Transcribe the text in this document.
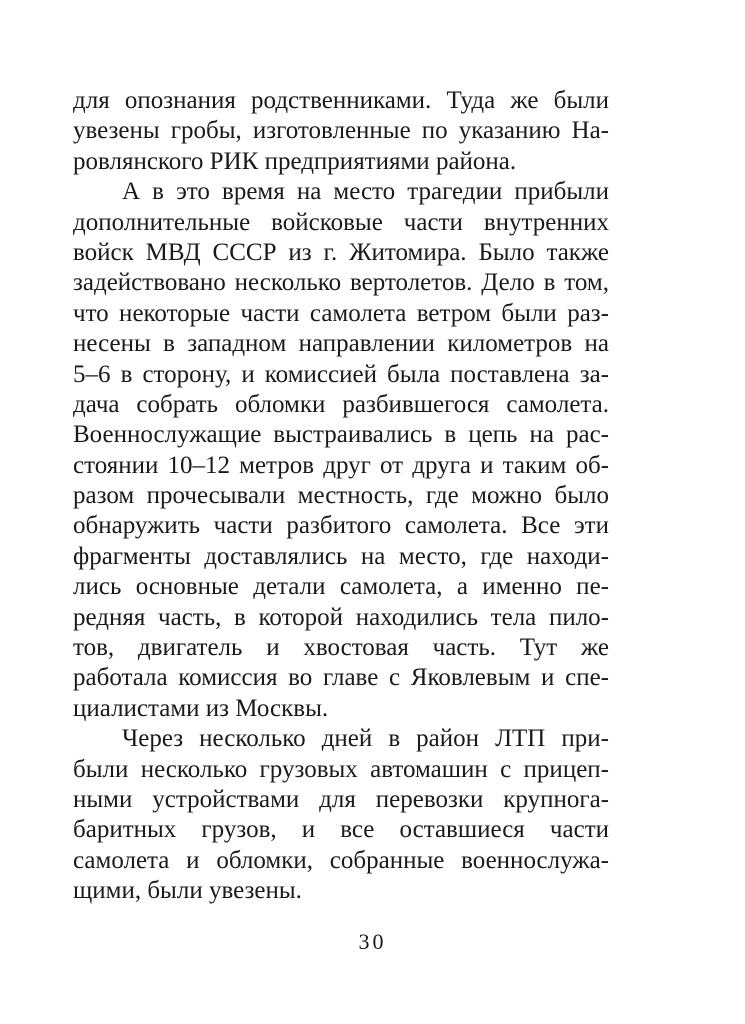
для опознания родственниками. Туда же были
увезены гробы, изготовленные по указанию На-
ровлянского РИК предприятиями района.
А в это время на место трагедии прибыли
дополнительные войсковые части внутренних
войск МВД СССР из г. Житомира. Было также
задействовано несколько вертолетов. Дело в том,
что некоторые части самолета ветром были раз-
несены в западном направлении километров на
5–6 в сторону, и комиссией была поставлена за-
дача собрать обломки разбившегося самолета.
Военнослужащие выстраивались в цепь на рас-
стоянии 10–12 метров друг от друга и таким об-
разом прочесывали местность, где можно было
обнаружить части разбитого самолета. Все эти
фрагменты доставлялись на место, где находи-
лись основные детали самолета, а именно пе-
редняя часть, в которой находились тела пило-
тов, двигатель и хвостовая часть. Тут же
работала комиссия во главе с Яковлевым и спе-
циалистами из Москвы.
Через несколько дней в район ЛТП при-
были несколько грузовых автомашин с прицеп-
ными устройствами для перевозки крупнога-
баритных грузов, и все оставшиеся части
самолета и обломки, собранные военнослужа-
щими, были увезены.
30
